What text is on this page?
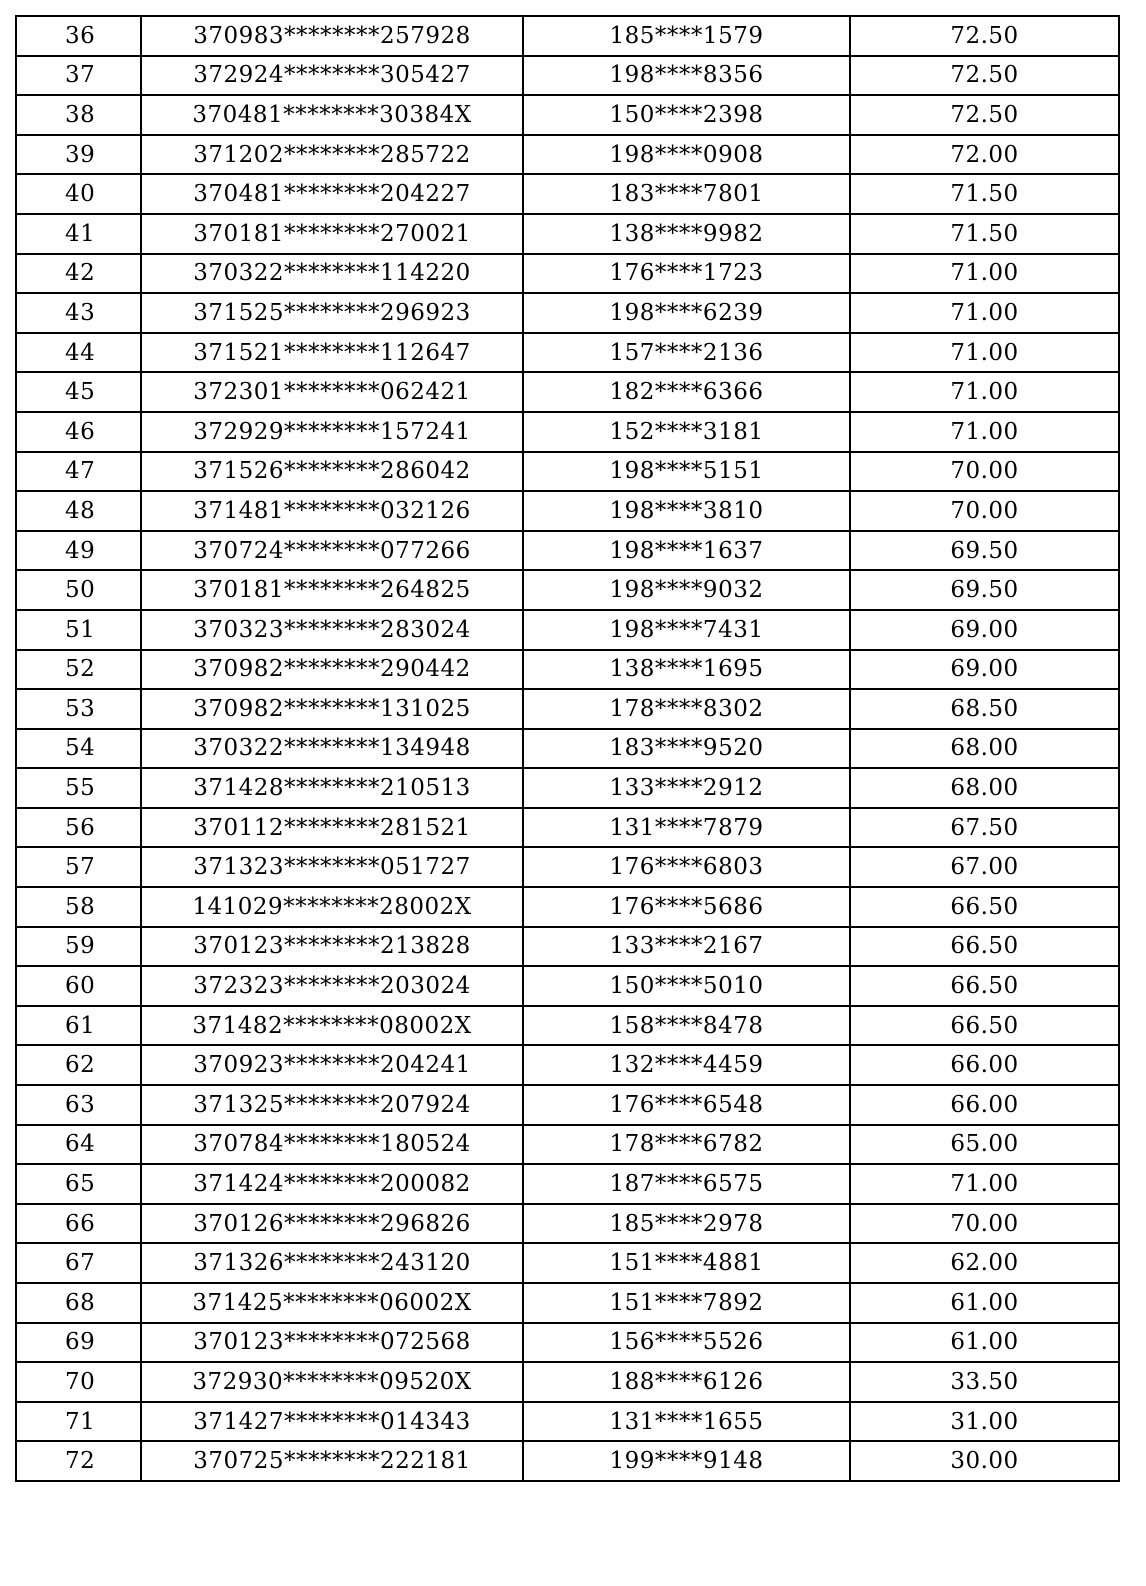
36	370983********257928	185****1579	72.50
37	372924********305427	198****8356	72.50
38	370481********30384X	150****2398	72.50
39	371202********285722	198****0908	72.00
40	370481********204227	183****7801	71.50
41	370181********270021	138****9982	71.50
42	370322********114220	176****1723	71.00
43	371525********296923	198****6239	71.00
44	371521********112647	157****2136	71.00
45	372301********062421	182****6366	71.00
46	372929********157241	152****3181	71.00
47	371526********286042	198****5151	70.00
48	371481********032126	198****3810	70.00
49	370724********077266	198****1637	69.50
50	370181********264825	198****9032	69.50
51	370323********283024	198****7431	69.00
52	370982********290442	138****1695	69.00
53	370982********131025	178****8302	68.50
54	370322********134948	183****9520	68.00
55	371428********210513	133****2912	68.00
56	370112********281521	131****7879	67.50
57	371323********051727	176****6803	67.00
58	141029********28002X	176****5686	66.50
59	370123********213828	133****2167	66.50
60	372323********203024	150****5010	66.50
61	371482********08002X	158****8478	66.50
62	370923********204241	132****4459	66.00
63	371325********207924	176****6548	66.00
64	370784********180524	178****6782	65.00
65	371424********200082	187****6575	71.00
66	370126********296826	185****2978	70.00
67	371326********243120	151****4881	62.00
68	371425********06002X	151****7892	61.00
69	370123********072568	156****5526	61.00
70	372930********09520X	188****6126	33.50
71	371427********014343	131****1655	31.00
72	370725********222181	199****9148	30.00
